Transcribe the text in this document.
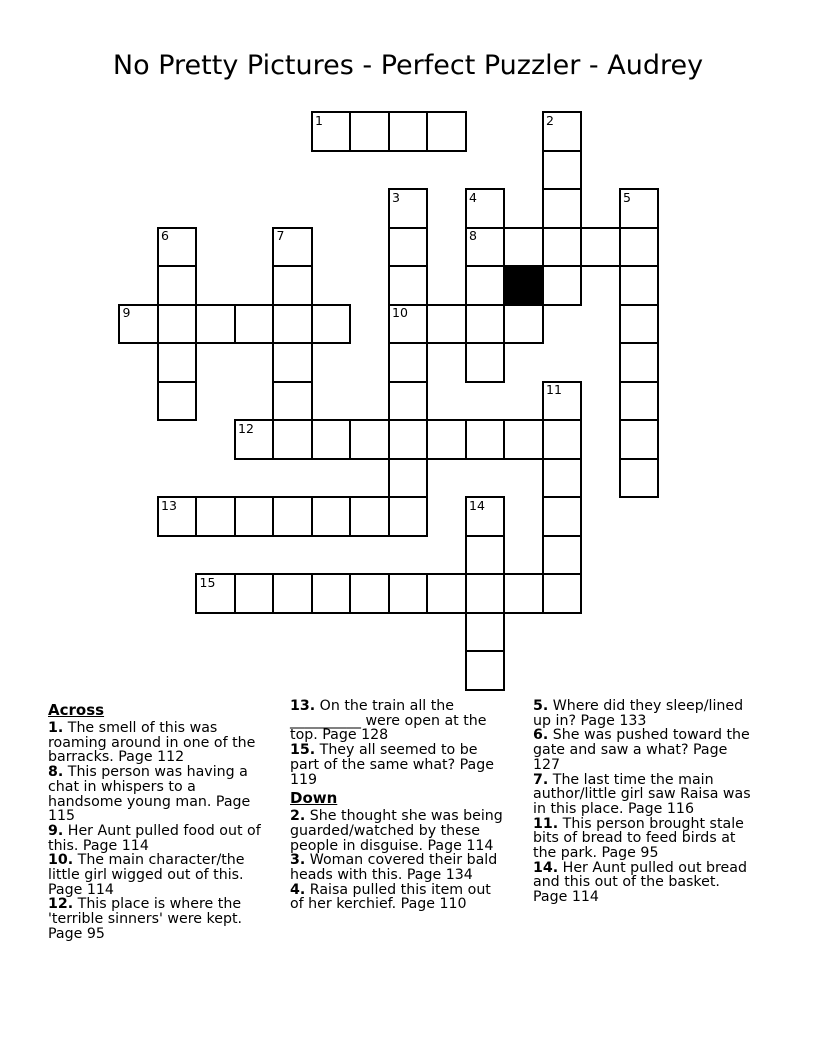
No Pretty Pictures - Perfect Puzzler - Audrey
1	2
3	4	5
6	7	8
9	10
11
12
13	14
15
Across

1. The smell of this was roaming around in one of the barracks. Page 112

8. This person was having a chat in whispers to a handsome young man. Page 115

9. Her Aunt pulled food out of this. Page 114

10. The main character/the little girl wigged out of this. Page 114

12. This place is where the 'terrible sinners' were kept. Page 95

13. On the train all the __________ were open at the top. Page 128

15. They all seemed to be part of the same what? Page 119

Down

2. She thought she was being guarded/watched by these people in disguise. Page 114

3. Woman covered their bald heads with this. Page 134

4. Raisa pulled this item out of her kerchief. Page 110

5. Where did they sleep/lined up in? Page 133

6. She was pushed toward the gate and saw a what? Page 127

7. The last time the main author/little girl saw Raisa was in this place. Page 116

11. This person brought stale bits of bread to feed birds at the park. Page 95

14. Her Aunt pulled out bread and this out of the basket. Page 114
